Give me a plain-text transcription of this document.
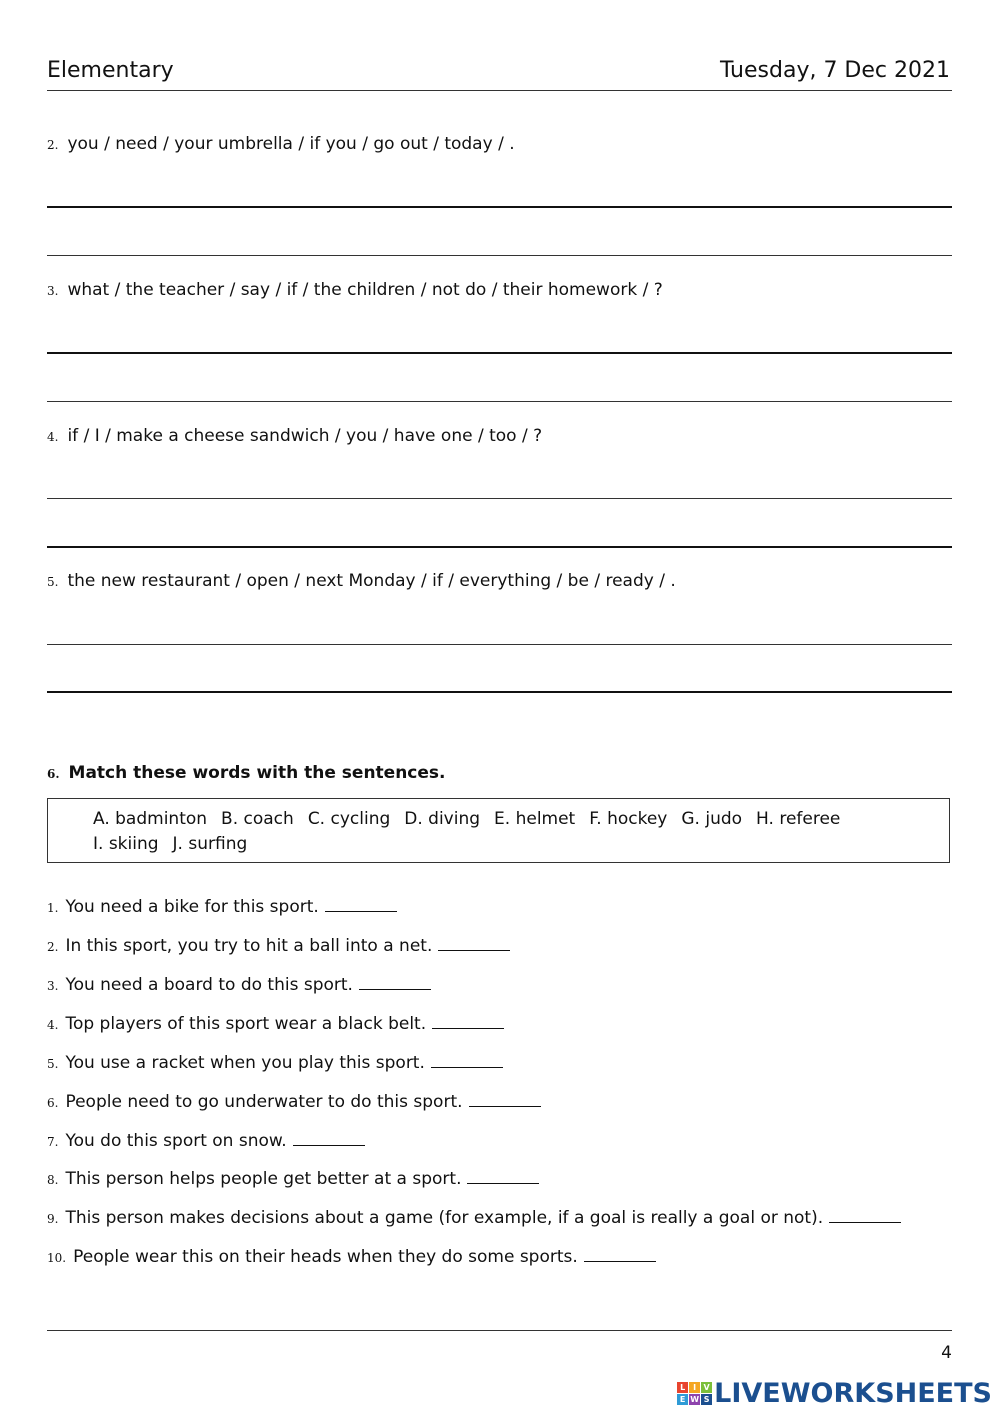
Elementary	Tuesday, 7 Dec 2021
2. you / need / your umbrella / if you / go out / today / .
3. what / the teacher / say / if / the children / not do / their homework / ?
4. if / I / make a cheese sandwich / you / have one / too / ?
5. the new restaurant / open / next Monday / if / everything / be / ready / .
6. Match these words with the sentences.
A. badminton B. coach C. cycling D. diving E. helmet F. hockey G. judo H. referee
I. skiing J. surfing
1. You need a bike for this sport.
2. In this sport, you try to hit a ball into a net.
3. You need a board to do this sport.
4. Top players of this sport wear a black belt.
5. You use a racket when you play this sport.
6. People need to go underwater to do this sport.
7. You do this sport on snow.
8. This person helps people get better at a sport.
9. This person makes decisions about a game (for example, if a goal is really a goal or not).
10. People wear this on their heads when they do some sports.
4
L I V
E W S LIVEWORKSHEETS
